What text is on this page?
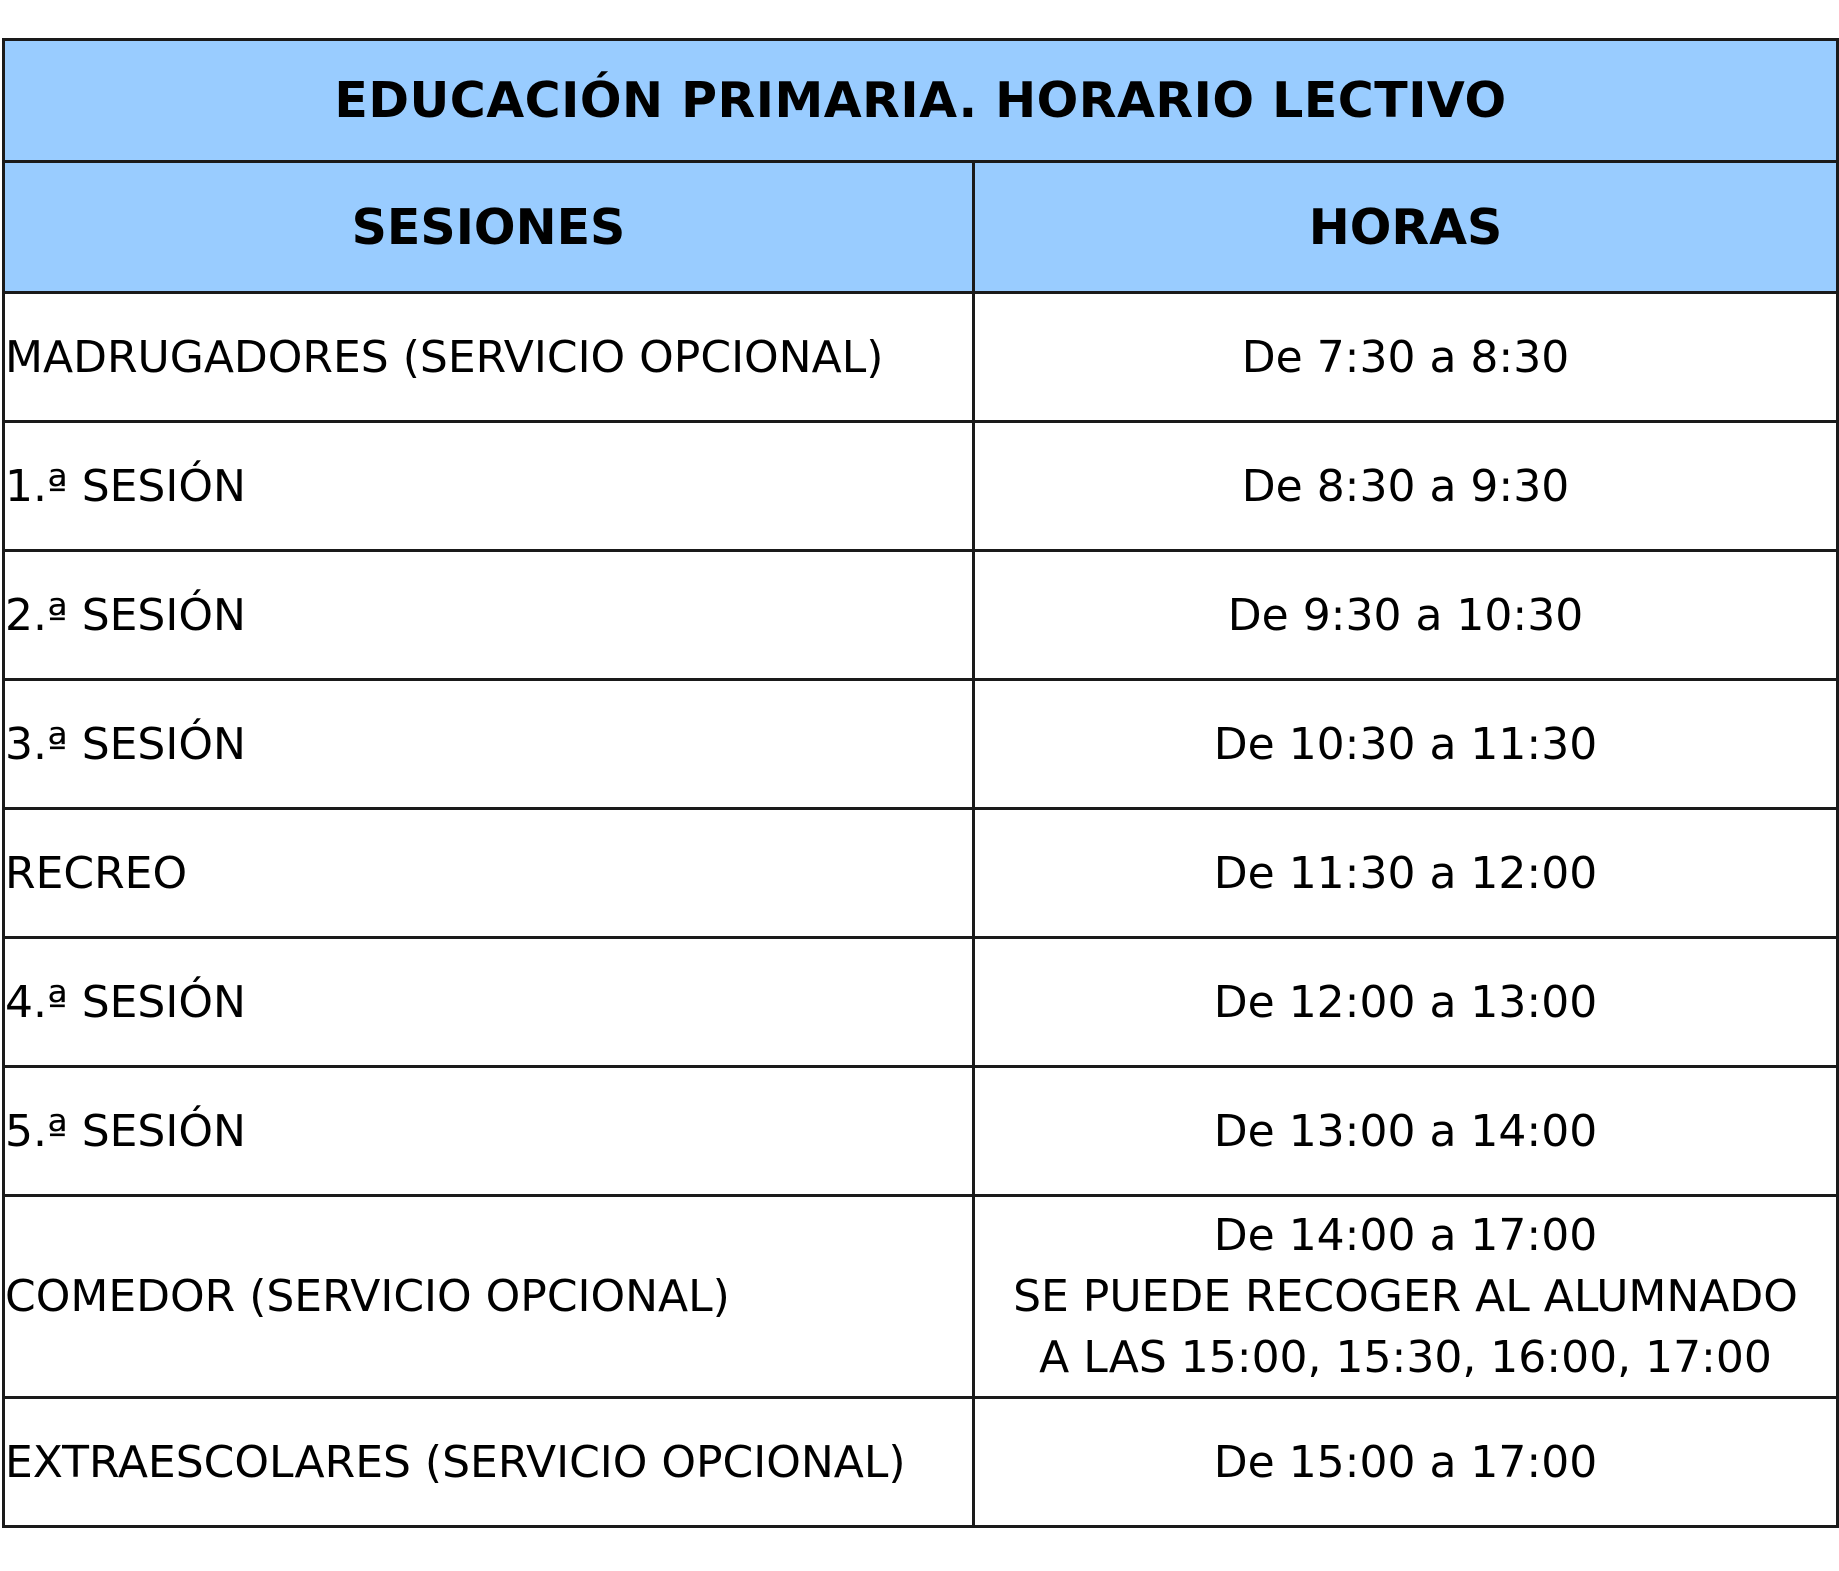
EDUCACIÓN PRIMARIA. HORARIO LECTIVO	
SESIONES	HORAS
MADRUGADORES (SERVICIO OPCIONAL)	De 7:30 a 8:30

1.ª SESIÓN	De 8:30 a 9:30

2.ª SESIÓN	De 9:30 a 10:30

3.ª SESIÓN	De 10:30 a 11:30

RECREO	De 11:30 a 12:00

4.ª SESIÓN	De 12:00 a 13:00

5.ª SESIÓN	De 13:00 a 14:00

COMEDOR (SERVICIO OPCIONAL)	De 14:00 a 17:00
SE PUEDE RECOGER AL ALUMNADO
A LAS 15:00, 15:30, 16:00, 17:00

EXTRAESCOLARES (SERVICIO OPCIONAL)	De 15:00 a 17:00
